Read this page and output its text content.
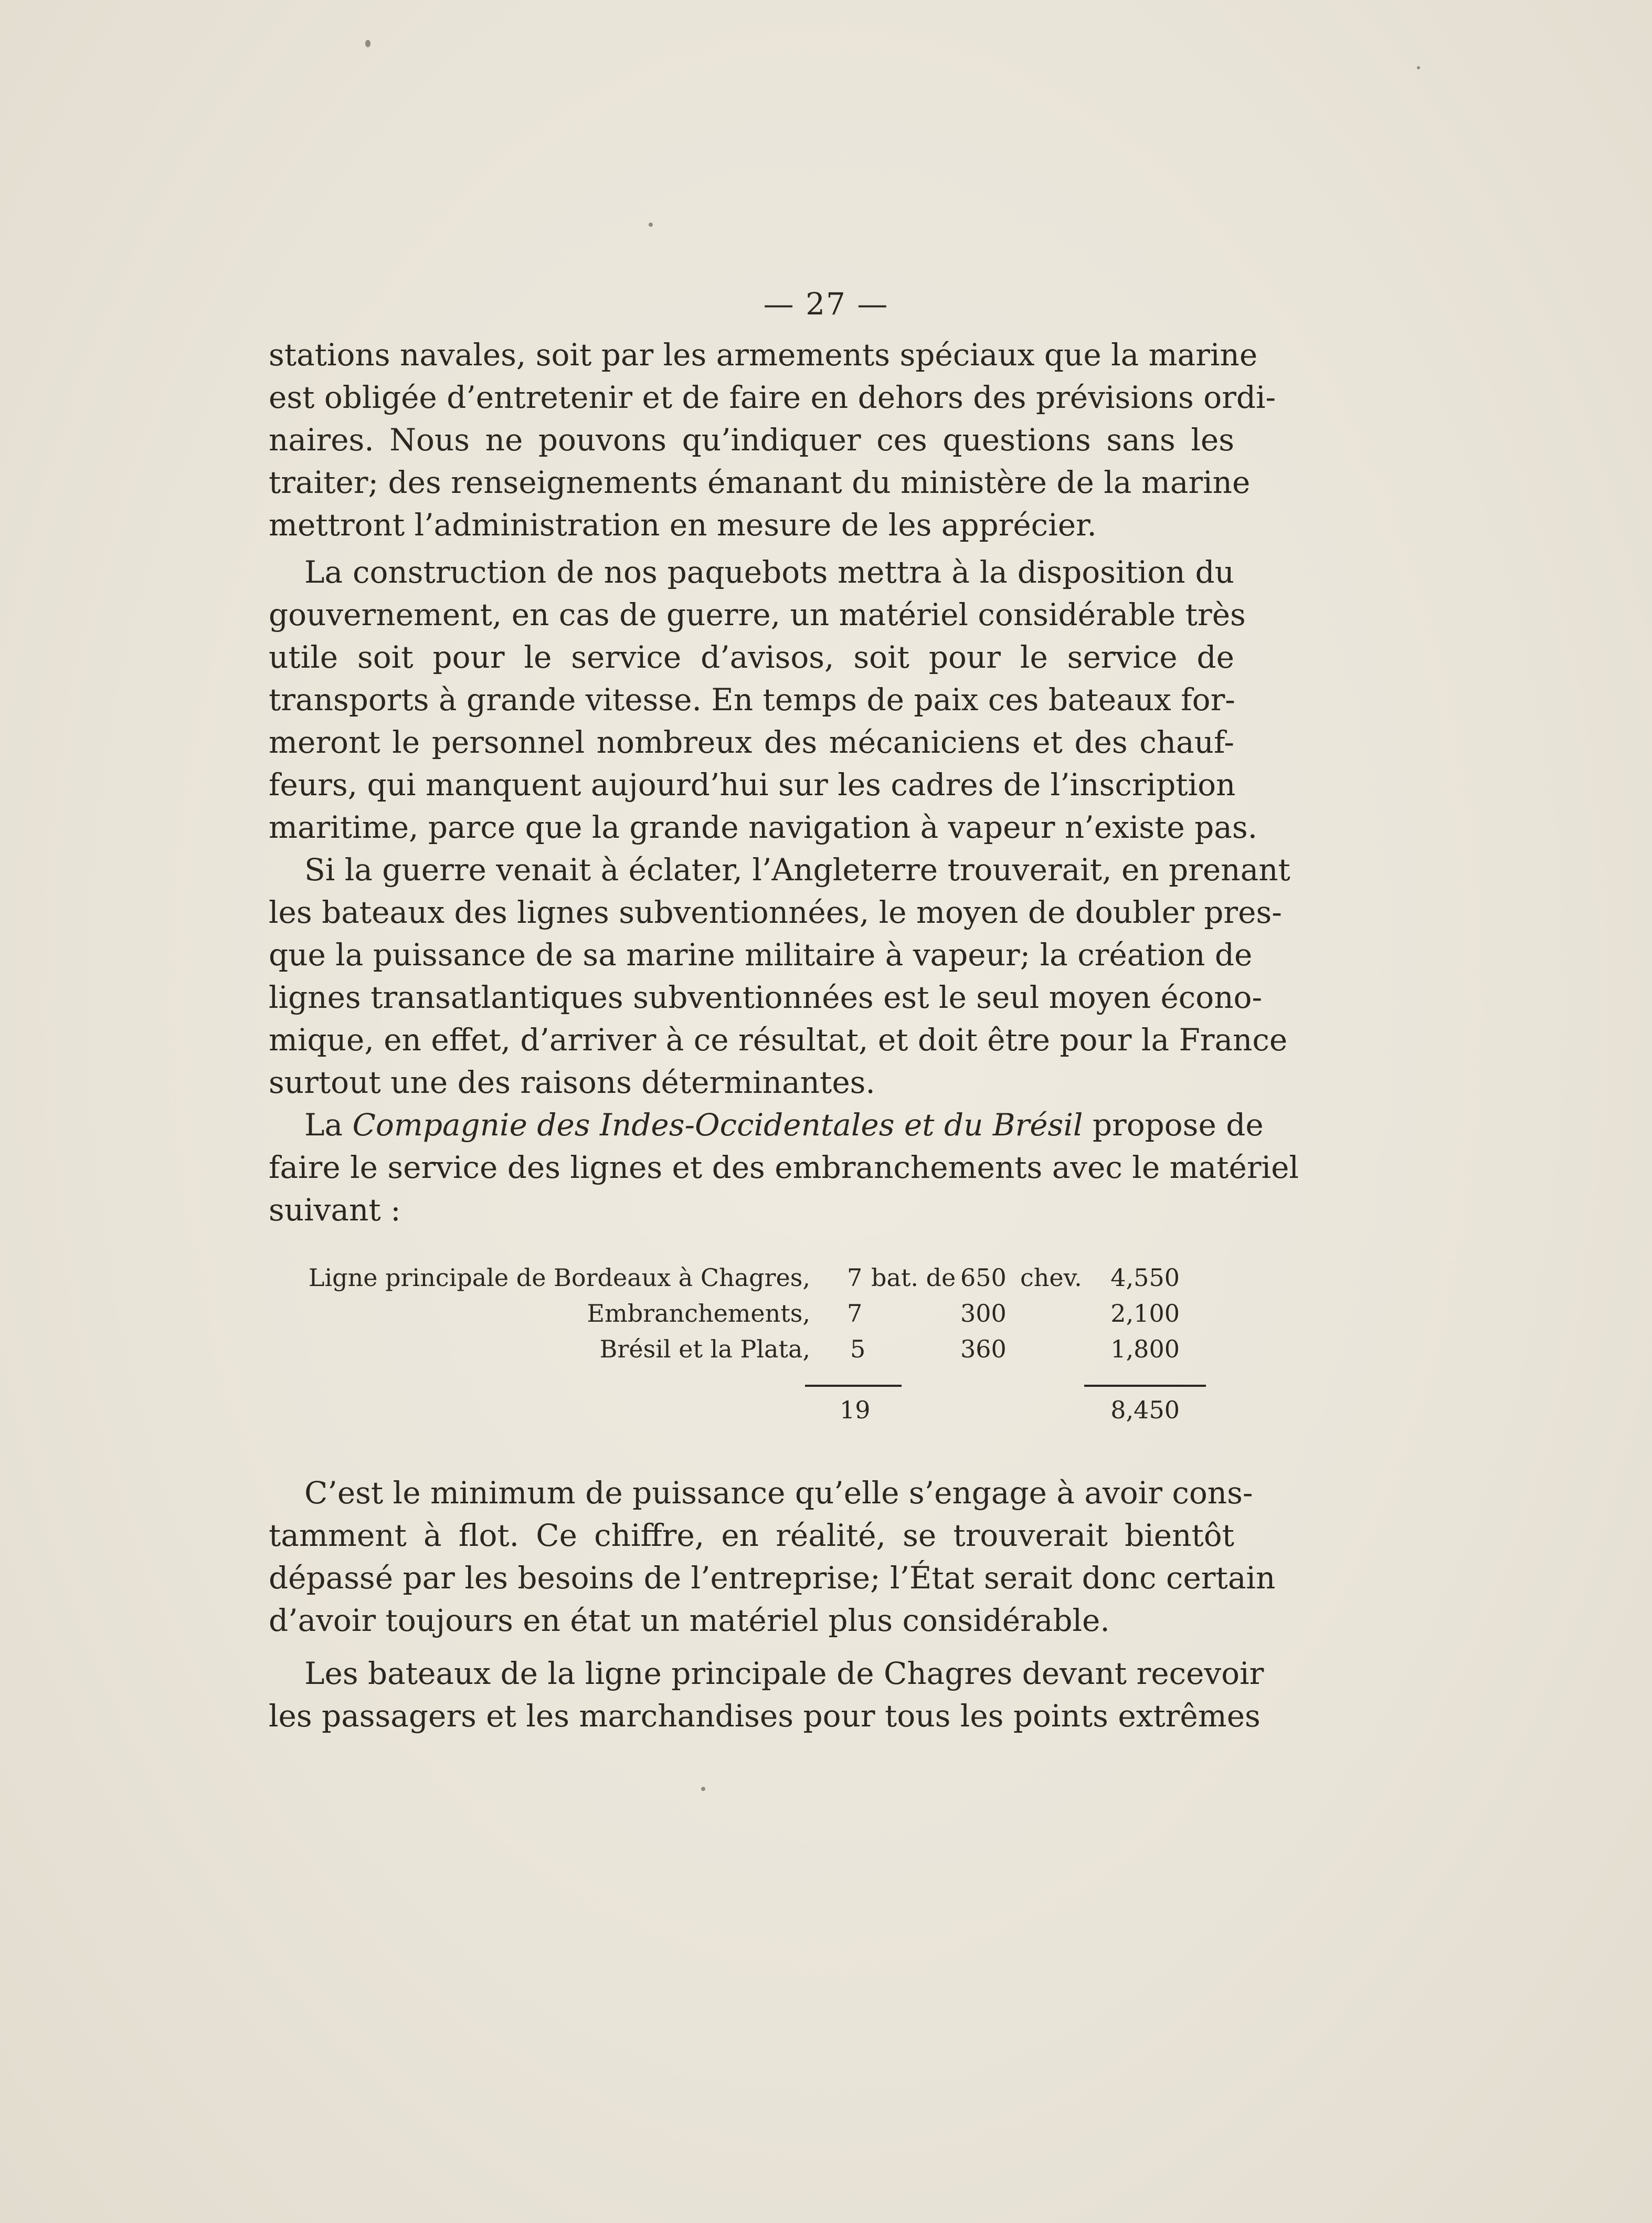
— 27 —
stations navales, soit par les armements spéciaux que la marine
est obligée d’entretenir et de faire en dehors des prévisions ordi-
naires. Nous ne pouvons qu’indiquer ces questions sans les
traiter; des renseignements émanant du ministère de la marine
mettront l’administration en mesure de les apprécier.
La construction de nos paquebots mettra à la disposition du
gouvernement, en cas de guerre, un matériel considérable très
utile soit pour le service d’avisos, soit pour le service de
transports à grande vitesse. En temps de paix ces bateaux for-
meront le personnel nombreux des mécaniciens et des chauf-
feurs, qui manquent aujourd’hui sur les cadres de l’inscription
maritime, parce que la grande navigation à vapeur n’existe pas.
Si la guerre venait à éclater, l’Angleterre trouverait, en prenant
les bateaux des lignes subventionnées, le moyen de doubler pres-
que la puissance de sa marine militaire à vapeur; la création de
lignes transatlantiques subventionnées est le seul moyen écono-
mique, en effet, d’arriver à ce résultat, et doit être pour la France
surtout une des raisons déterminantes.
La Compagnie des Indes-Occidentales et du Brésil propose de
faire le service des lignes et des embranchements avec le matériel
suivant :
Ligne principale de Bordeaux à Chagres, 7 bat. de 650 chev. 4,550
Embranchements, 7	300	2,100
Brésil et la Plata, 5	360	1,800
19	8,450
C’est le minimum de puissance qu’elle s’engage à avoir cons-
tamment à flot. Ce chiffre, en réalité, se trouverait bientôt
dépassé par les besoins de l’entreprise; l’État serait donc certain
d’avoir toujours en état un matériel plus considérable.
Les bateaux de la ligne principale de Chagres devant recevoir
les passagers et les marchandises pour tous les points extrêmes
